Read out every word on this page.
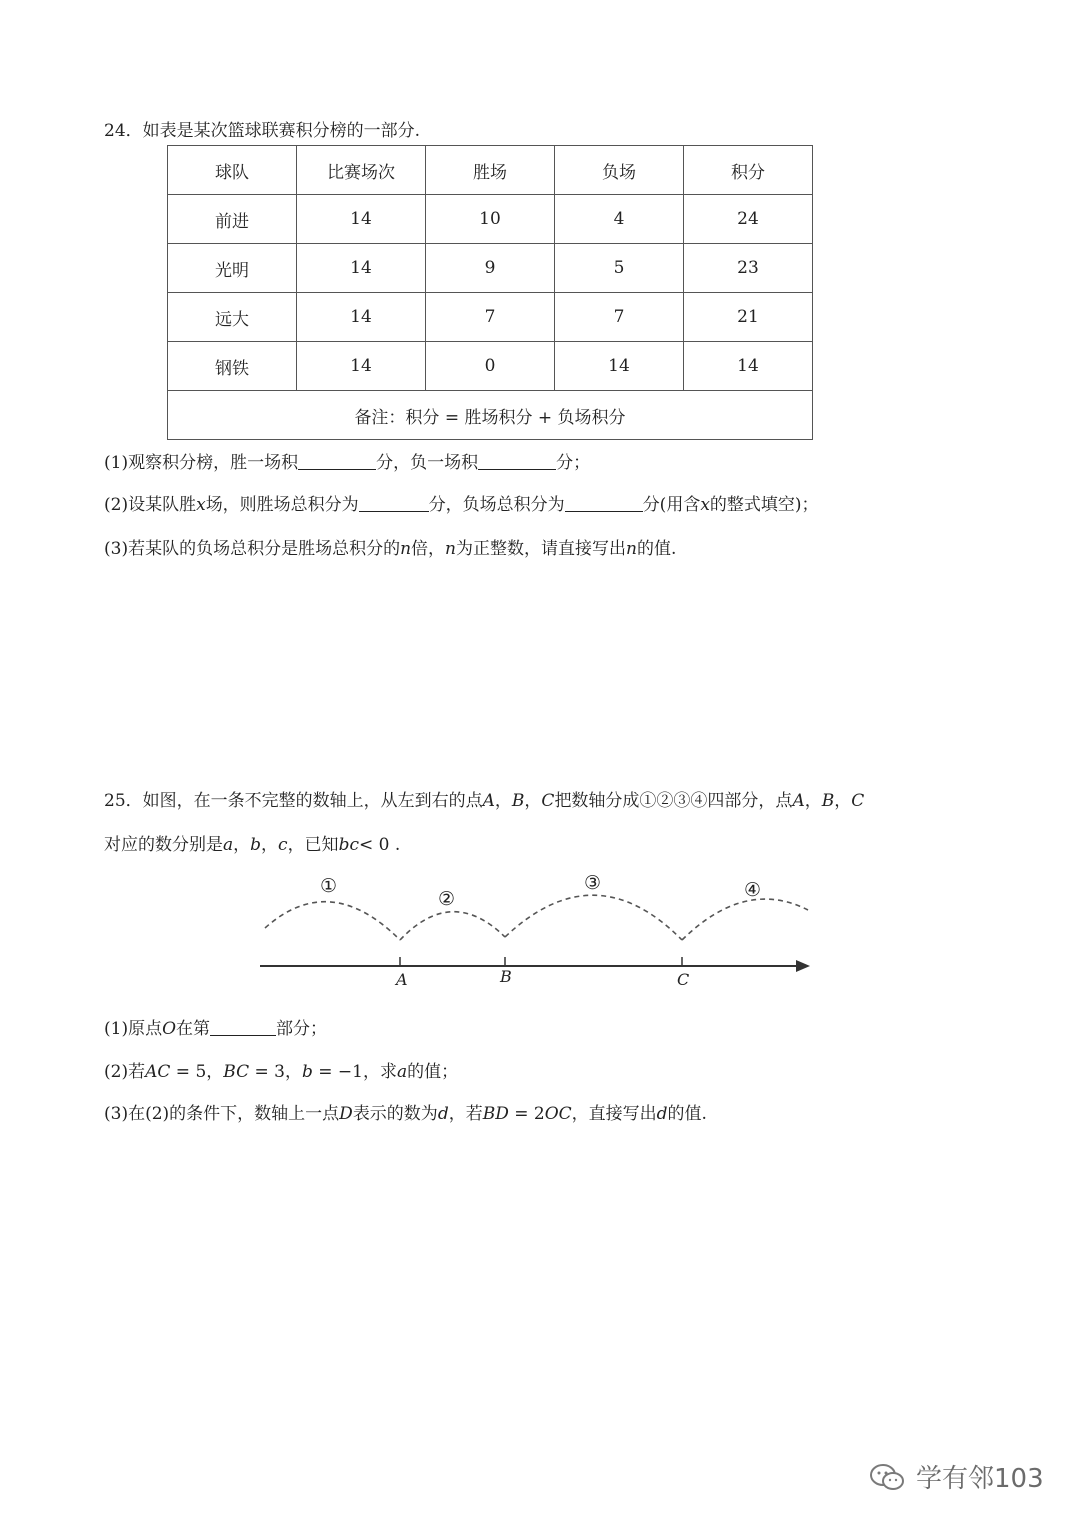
24．如表是某次篮球联赛积分榜的一部分.
球队	比赛场次	胜场	负场	积分
前进	14	10	4	24
光明	14	9	5	23
远大	14	7	7	21
钢铁	14	0	14	14
备注：积分 = 胜场积分 + 负场积分				
(1)观察积分榜，胜一场积	分，负一场积	分；
(2)设某队胜x场，则胜场总积分为	分，负场总积分为	分(用含x的整式填空)；
(3)若某队的负场总积分是胜场总积分的n倍，n为正整数，请直接写出n的值.
25．如图，在一条不完整的数轴上，从左到右的点A，B，C把数轴分成①②③④四部分，点A，B，C
对应的数分别是a，b，c，已知bc< 0 .
A	B	C
①
②
③	④
(1)原点O在第	部分；
(2)若AC = 5，BC = 3，b = −1，求a的值；
(3)在(2)的条件下，数轴上一点D表示的数为d，若BD = 2OC，直接写出d的值.
学有邻103
